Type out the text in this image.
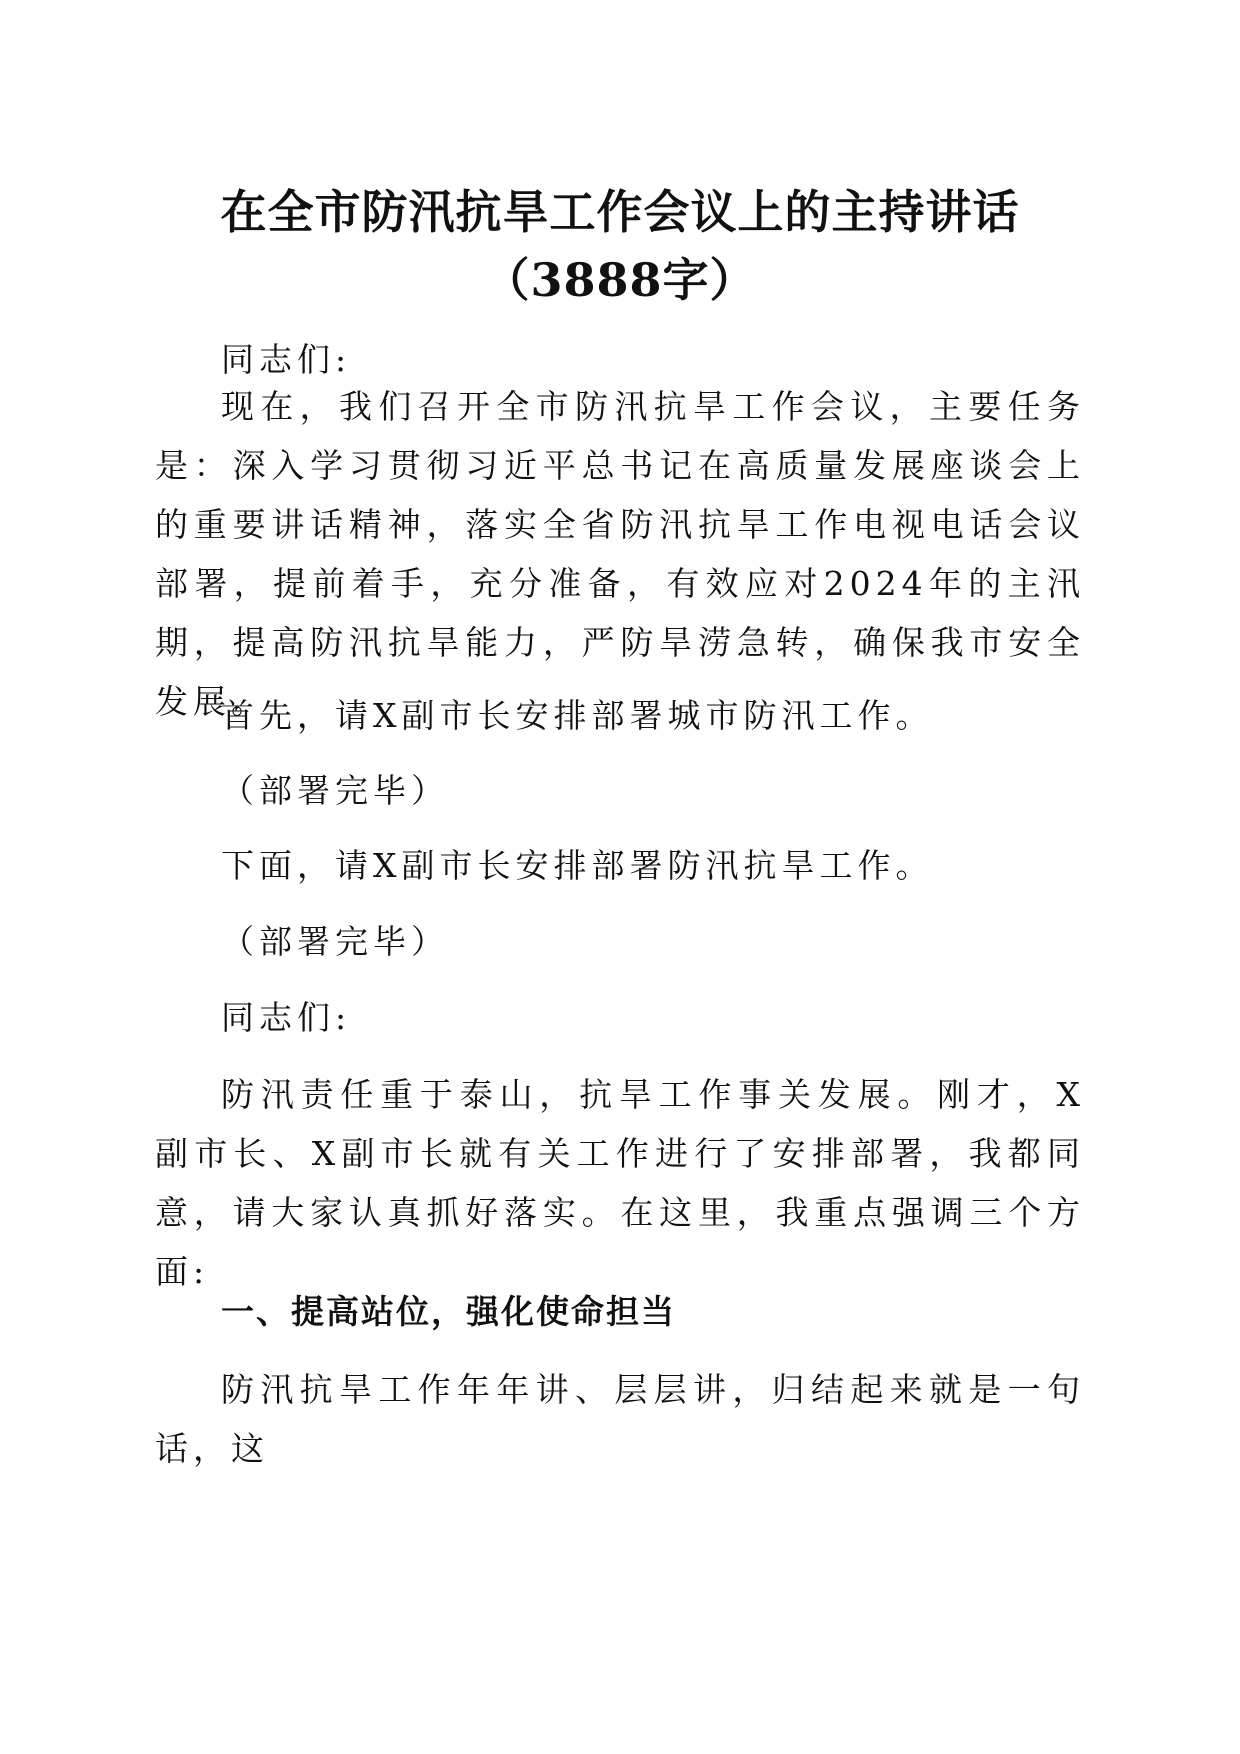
在全市防汛抗旱工作会议上的主持讲话（3888字）

同志们:

现在，我们召开全市防汛抗旱工作会议，主要任务是：深入学习贯彻习近平总书记在高质量发展座谈会上的重要讲话精神，落实全省防汛抗旱工作电视电话会议部署，提前着手，充分准备，有效应对2024年的主汛期，提高防汛抗旱能力，严防旱涝急转，确保我市安全发展。

首先，请X副市长安排部署城市防汛工作。

（部署完毕）

下面，请X副市长安排部署防汛抗旱工作。

（部署完毕）

同志们:

防汛责任重于泰山，抗旱工作事关发展。刚才，X副市长、X副市长就有关工作进行了安排部署，我都同意，请大家认真抓好落实。在这里，我重点强调三个方面:

一、提高站位，强化使命担当

防汛抗旱工作年年讲、层层讲，归结起来就是一句话，这
